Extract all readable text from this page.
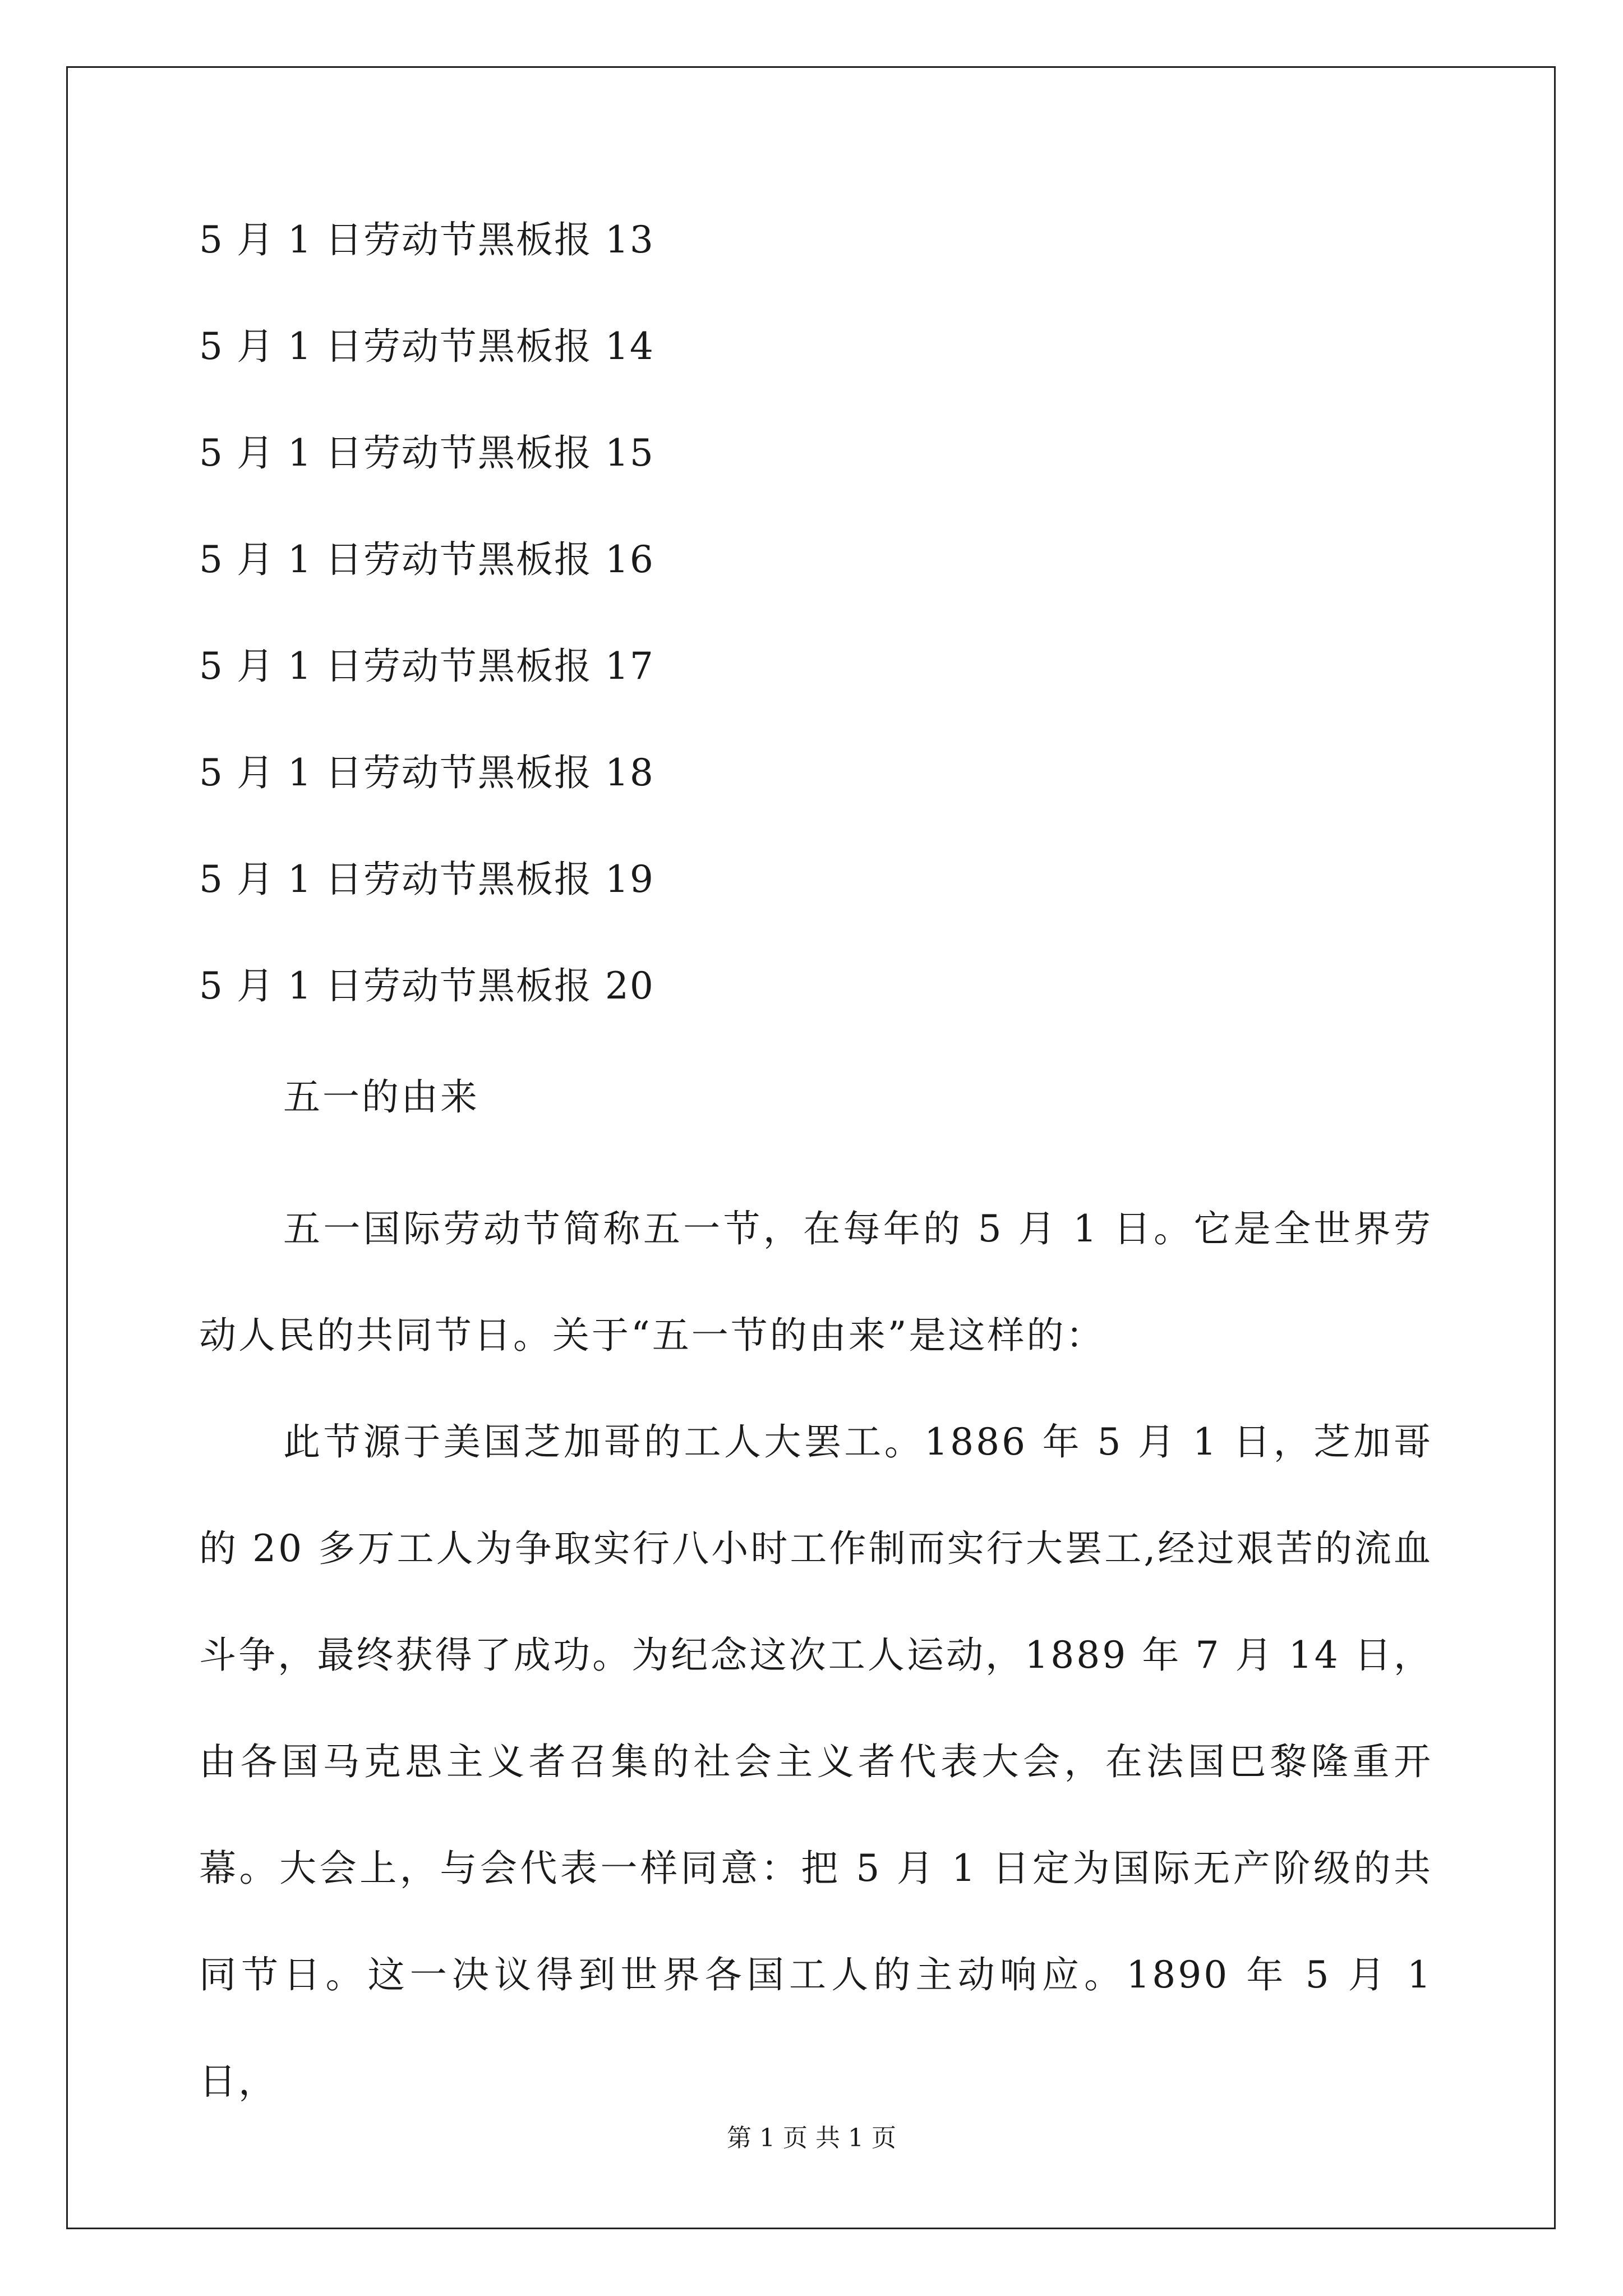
5 月 1 日劳动节黑板报 13
5 月 1 日劳动节黑板报 14
5 月 1 日劳动节黑板报 15
5 月 1 日劳动节黑板报 16
5 月 1 日劳动节黑板报 17
5 月 1 日劳动节黑板报 18
5 月 1 日劳动节黑板报 19
5 月 1 日劳动节黑板报 20
五一的由来

五一国际劳动节简称五一节，在每年的 5 月 1 日。它是全世界劳动人民的共同节日。关于“五一节的由来”是这样的：

此节源于美国芝加哥的工人大罢工。1886 年 5 月 1 日，芝加哥的 20 多万工人为争取实行八小时工作制而实行大罢工,经过艰苦的流血斗争，最终获得了成功。为纪念这次工人运动，1889 年 7 月 14 日，由各国马克思主义者召集的社会主义者代表大会，在法国巴黎隆重开幕。大会上，与会代表一样同意：把 5 月 1 日定为国际无产阶级的共同节日。这一决议得到世界各国工人的主动响应。1890 年 5 月 1 日，

第 1 页 共 1 页
